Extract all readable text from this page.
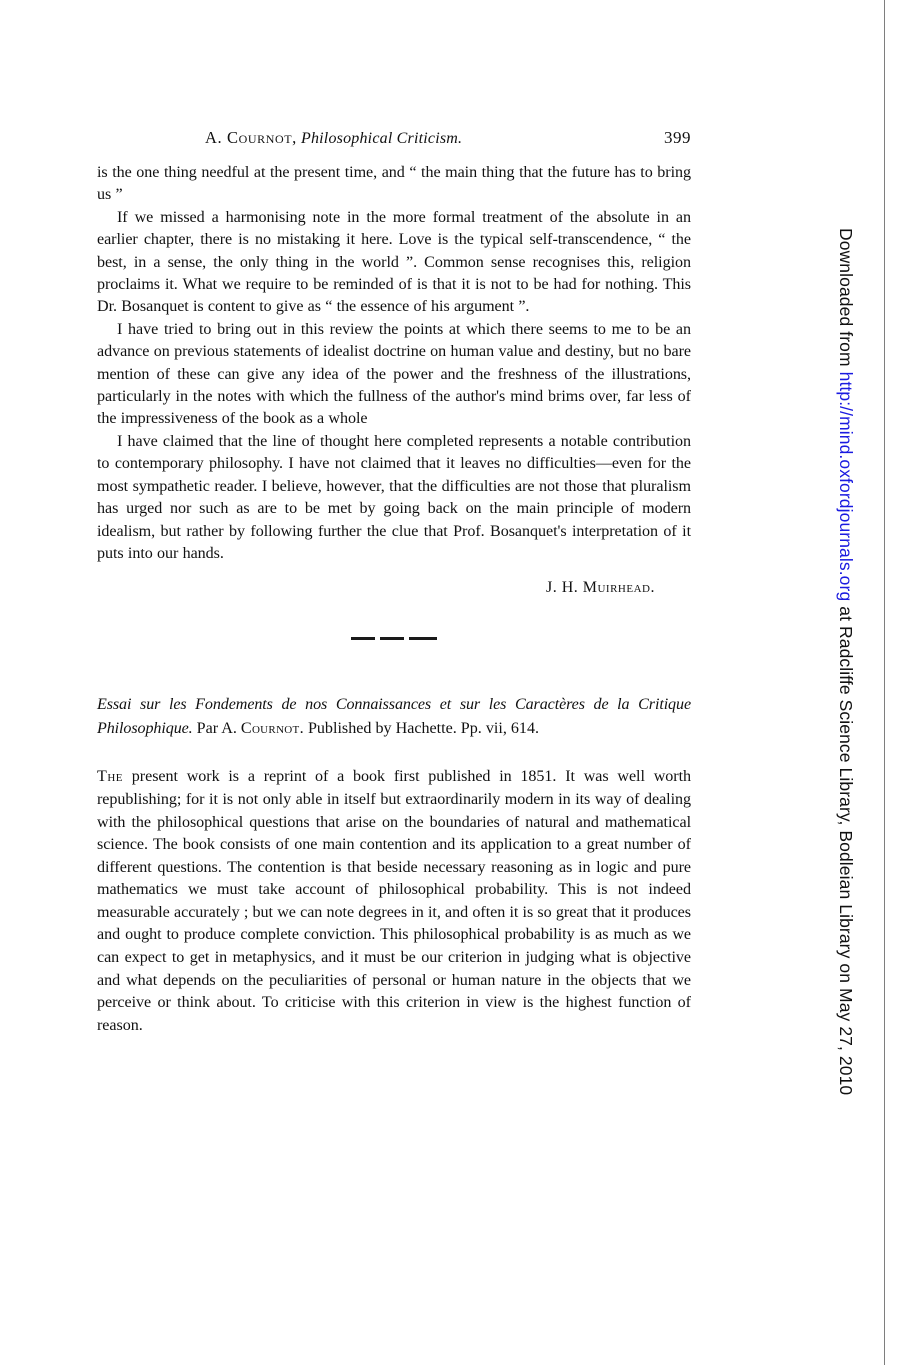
A. Cournot, Philosophical Criticism.	399

is the one thing needful at the present time, and “ the main thing that the future has to bring us ”

If we missed a harmonising note in the more formal treatment of the absolute in an earlier chapter, there is no mistaking it here. Love is the typical self-transcendence, “ the best, in a sense, the only thing in the world ”. Common sense recognises this, religion proclaims it. What we require to be reminded of is that it is not to be had for nothing. This Dr. Bosanquet is content to give as “ the essence of his argument ”.

I have tried to bring out in this review the points at which there seems to me to be an advance on previous statements of idealist doctrine on human value and destiny, but no bare mention of these can give any idea of the power and the freshness of the illustrations, particularly in the notes with which the fullness of the author's mind brims over, far less of the impressiveness of the book as a whole

I have claimed that the line of thought here completed represents a notable contribution to contemporary philosophy. I have not claimed that it leaves no difficulties—even for the most sympathetic reader. I believe, however, that the difficulties are not those that pluralism has urged nor such as are to be met by going back on the main principle of modern idealism, but rather by following further the clue that Prof. Bosanquet's interpretation of it puts into our hands.

J. H. Muirhead.
Essai sur les Fondements de nos Connaissances et sur les Caractères de la Critique Philosophique. Par A. Cournot. Published by Hachette. Pp. vii, 614.

The present work is a reprint of a book first published in 1851. It was well worth republishing; for it is not only able in itself but extraordinarily modern in its way of dealing with the philosophical questions that arise on the boundaries of natural and mathematical science. The book consists of one main contention and its application to a great number of different questions. The contention is that beside necessary reasoning as in logic and pure mathematics we must take account of philosophical probability. This is not indeed measurable accurately ; but we can note degrees in it, and often it is so great that it produces and ought to produce complete conviction. This philosophical probability is as much as we can expect to get in metaphysics, and it must be our criterion in judging what is objective and what depends on the peculiarities of personal or human nature in the objects that we perceive or think about. To criticise with this criterion in view is the highest function of reason.

Downloaded from http://mind.oxfordjournals.org at Radcliffe Science Library, Bodleian Library on May 27, 2010
